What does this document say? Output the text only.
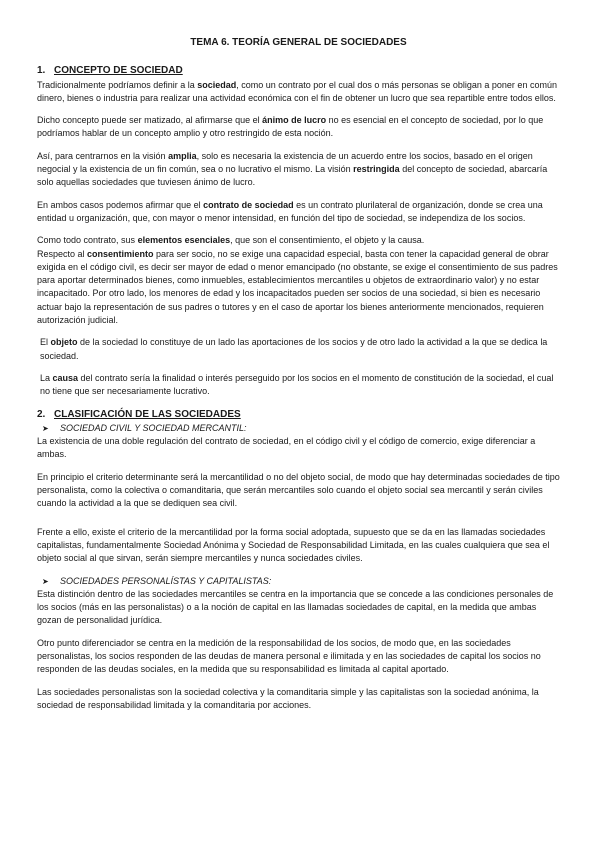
TEMA 6. TEORÍA GENERAL DE SOCIEDADES
1. CONCEPTO DE SOCIEDAD

Tradicionalmente podríamos definir a la sociedad, como un contrato por el cual dos o más personas se obligan a poner en común dinero, bienes o industria para realizar una actividad económica con el fin de obtener un lucro que sea repartible entre todos ellos.

Dicho concepto puede ser matizado, al afirmarse que el ánimo de lucro no es esencial en el concepto de sociedad, por lo que podríamos hablar de un concepto amplio y otro restringido de esta noción.

Así, para centrarnos en la visión amplia, solo es necesaria la existencia de un acuerdo entre los socios, basado en el origen negocial y la existencia de un fin común, sea o no lucrativo el mismo. La visión restringida del concepto de sociedad, abarcaría solo aquellas sociedades que tuviesen ánimo de lucro.

En ambos casos podemos afirmar que el contrato de sociedad es un contrato plurilateral de organización, donde se crea una entidad u organización, que, con mayor o menor intensidad, en función del tipo de sociedad, se independiza de los socios.

Como todo contrato, sus elementos esenciales, que son el consentimiento, el objeto y la causa.

Respecto al consentimiento para ser socio, no se exige una capacidad especial, basta con tener la capacidad general de obrar exigida en el código civil, es decir ser mayor de edad o menor emancipado (no obstante, se exige el consentimiento de sus padres para aportar determinados bienes, como inmuebles, establecimientos mercantiles u objetos de extraordinario valor) y no estar incapacitado. Por otro lado, los menores de edad y los incapacitados pueden ser socios de una sociedad, si bien es necesario actuar bajo la representación de sus padres o tutores y en el caso de aportar los bienes anteriormente mencionados, requieren autorización judicial.

El objeto de la sociedad lo constituye de un lado las aportaciones de los socios y de otro lado la actividad a la que se dedica la sociedad.

La causa del contrato sería la finalidad o interés perseguido por los socios en el momento de constitución de la sociedad, el cual no tiene que ser necesariamente lucrativo.

2. CLASIFICACIÓN DE LAS SOCIEDADES
➤ SOCIEDAD CIVIL Y SOCIEDAD MERCANTIL:

La existencia de una doble regulación del contrato de sociedad, en el código civil y el código de comercio, exige diferenciar a ambas.

En principio el criterio determinante será la mercantilidad o no del objeto social, de modo que hay determinadas sociedades de tipo personalista, como la colectiva o comanditaria, que serán mercantiles solo cuando el objeto social sea mercantil y serán civiles cuando la actividad a la que se dediquen sea civil.

Frente a ello, existe el criterio de la mercantilidad por la forma social adoptada, supuesto que se da en las llamadas sociedades capitalistas, fundamentalmente Sociedad Anónima y Sociedad de Responsabilidad Limitada, en las cuales cualquiera que sea el objeto social al que sirvan, serán siempre mercantiles y nunca sociedades civiles.

➤ SOCIEDADES PERSONALÍSTAS Y CAPITALISTAS:

Esta distinción dentro de las sociedades mercantiles se centra en la importancia que se concede a las condiciones personales de los socios (más en las personalistas) o a la noción de capital en las llamadas sociedades de capital, en la medida que ambas gozan de personalidad jurídica.

Otro punto diferenciador se centra en la medición de la responsabilidad de los socios, de modo que, en las sociedades personalistas, los socios responden de las deudas de manera personal e ilimitada y en las sociedades de capital los socios no responden de las deudas sociales, en la medida que su responsabilidad es limitada al capital aportado.

Las sociedades personalistas son la sociedad colectiva y la comanditaria simple y las capitalistas son la sociedad anónima, la sociedad de responsabilidad limitada y la comanditaria por acciones.
